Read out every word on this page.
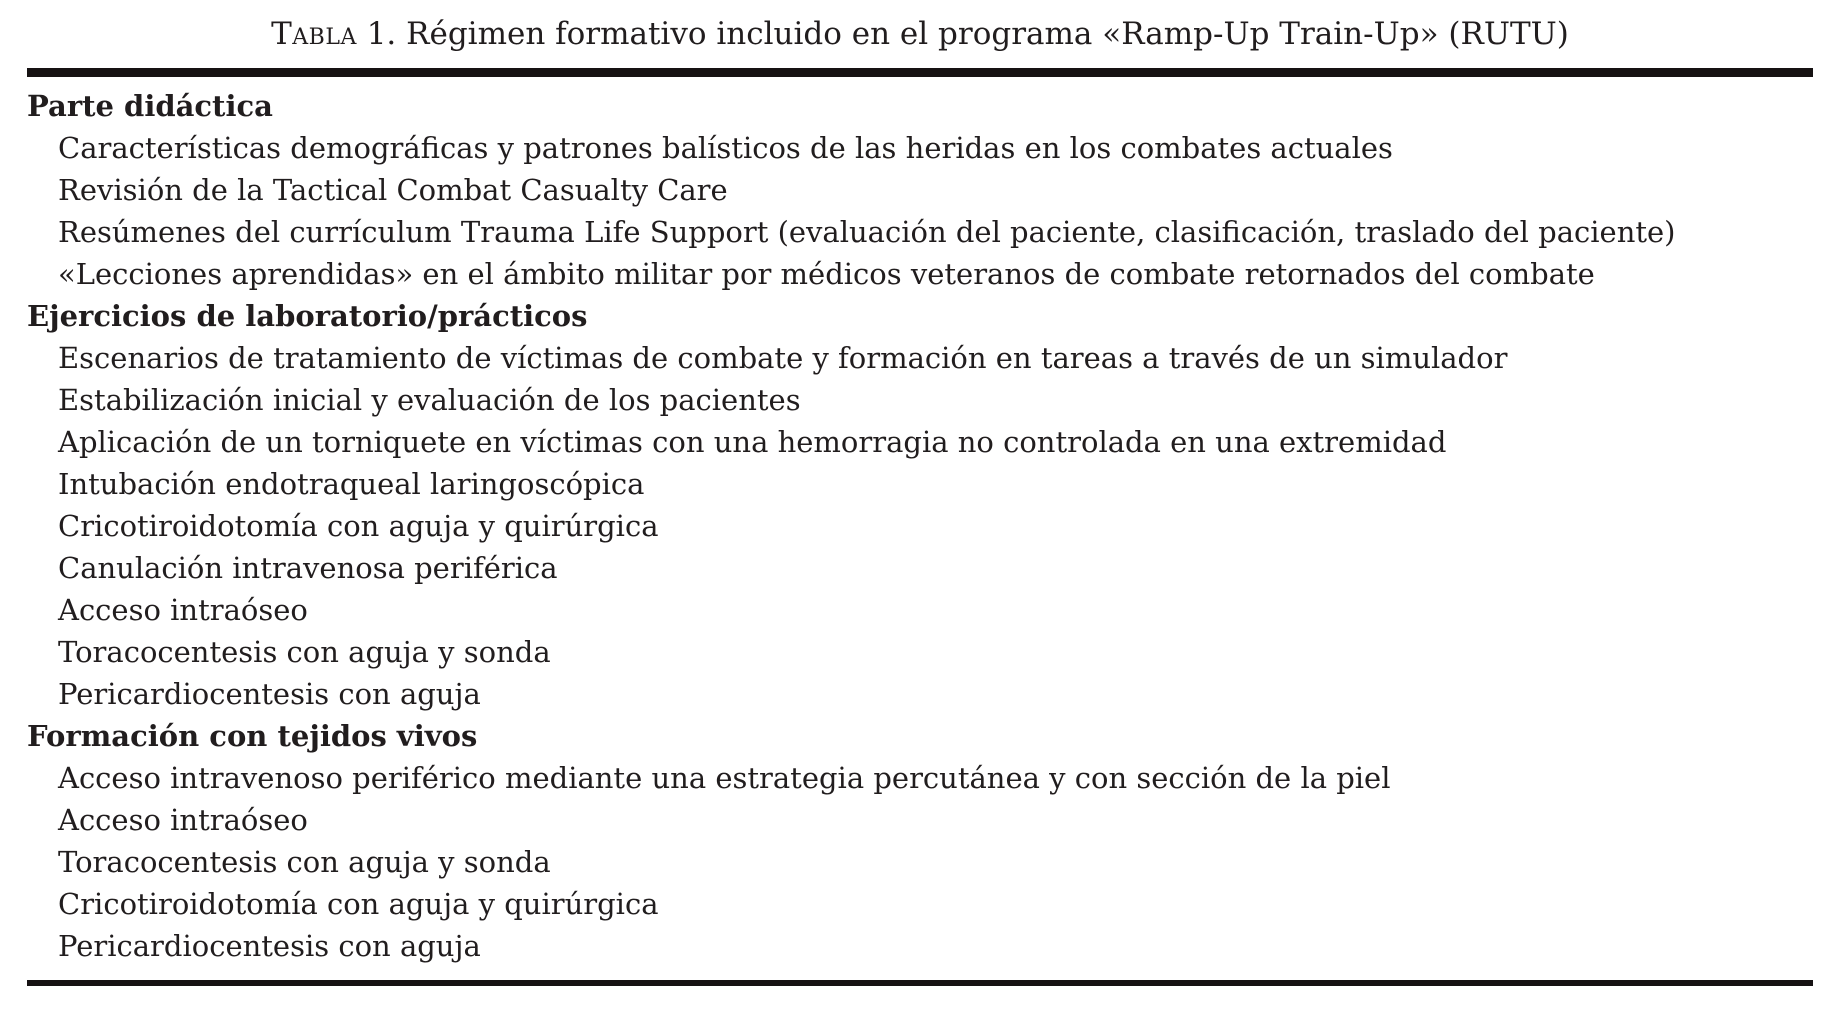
Tabla 1. Régimen formativo incluido en el programa «Ramp-Up Train-Up» (RUTU)
Parte didáctica
Características demográficas y patrones balísticos de las heridas en los combates actuales
Revisión de la Tactical Combat Casualty Care
Resúmenes del currículum Trauma Life Support (evaluación del paciente, clasificación, traslado del paciente)
«Lecciones aprendidas» en el ámbito militar por médicos veteranos de combate retornados del combate
Ejercicios de laboratorio/prácticos
Escenarios de tratamiento de víctimas de combate y formación en tareas a través de un simulador
Estabilización inicial y evaluación de los pacientes
Aplicación de un torniquete en víctimas con una hemorragia no controlada en una extremidad
Intubación endotraqueal laringoscópica
Cricotiroidotomía con aguja y quirúrgica
Canulación intravenosa periférica
Acceso intraóseo
Toracocentesis con aguja y sonda
Pericardiocentesis con aguja
Formación con tejidos vivos
Acceso intravenoso periférico mediante una estrategia percutánea y con sección de la piel
Acceso intraóseo
Toracocentesis con aguja y sonda
Cricotiroidotomía con aguja y quirúrgica
Pericardiocentesis con aguja
